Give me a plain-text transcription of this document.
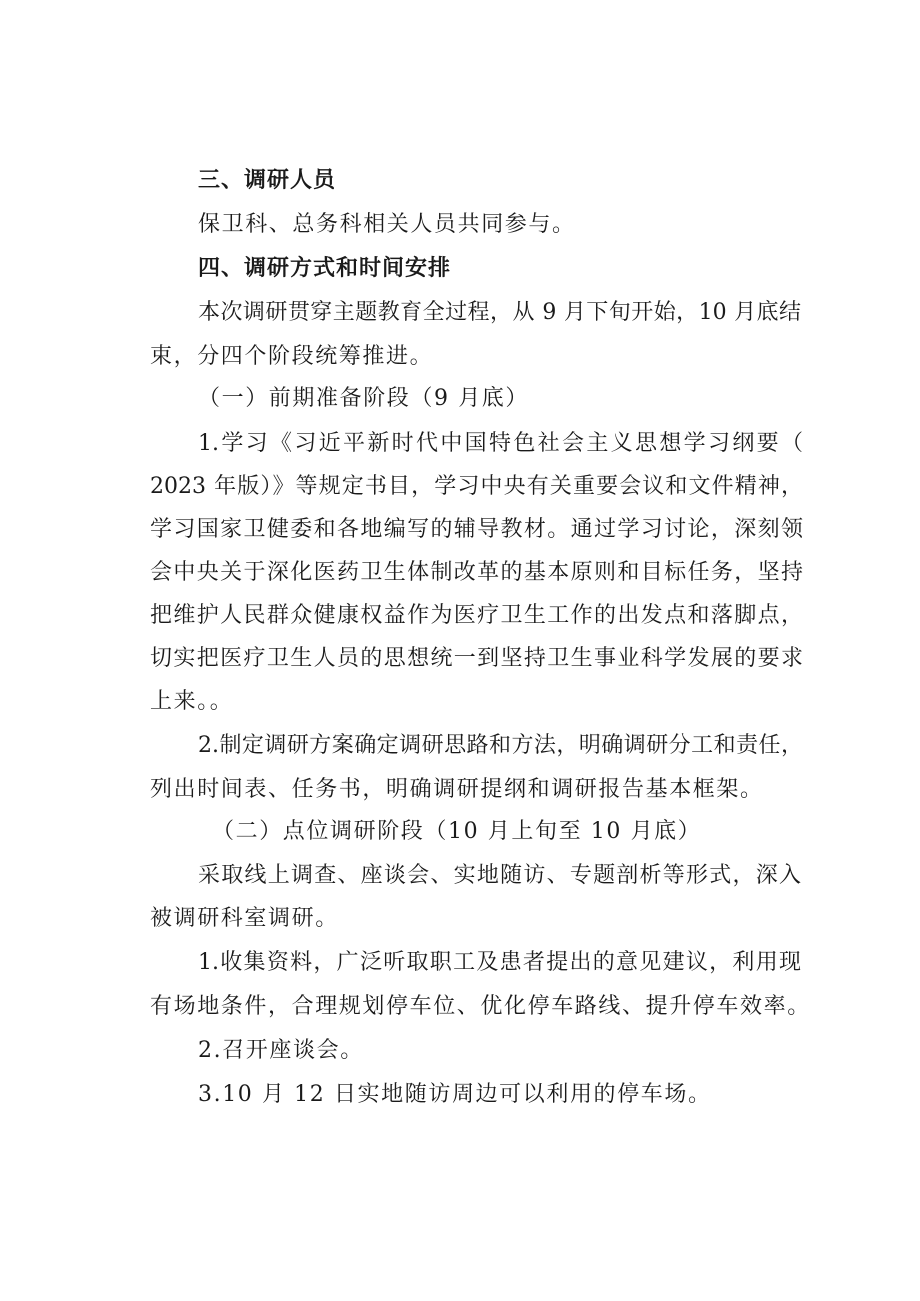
三、调研人员
保卫科、总务科相关人员共同参与。
四、调研方式和时间安排
本次调研贯穿主题教育全过程，从 9 月下旬开始，10 月底结
束，分四个阶段统筹推进。
（一）前期准备阶段（9 月底）
1.学习《习近平新时代中国特色社会主义思想学习纲要（
2023 年版）》等规定书目，学习中央有关重要会议和文件精神，
学习国家卫健委和各地编写的辅导教材。通过学习讨论，深刻领
会中央关于深化医药卫生体制改革的基本原则和目标任务，坚持
把维护人民群众健康权益作为医疗卫生工作的出发点和落脚点，
切实把医疗卫生人员的思想统一到坚持卫生事业科学发展的要求
上来。。
2.制定调研方案确定调研思路和方法，明确调研分工和责任，
列出时间表、任务书，明确调研提纲和调研报告基本框架。
（二）点位调研阶段（10 月上旬至 10 月底）
采取线上调查、座谈会、实地随访、专题剖析等形式，深入
被调研科室调研。
1.收集资料，广泛听取职工及患者提出的意见建议，利用现
有场地条件，合理规划停车位、优化停车路线、提升停车效率。
2.召开座谈会。
3.10 月 12 日实地随访周边可以利用的停车场。
